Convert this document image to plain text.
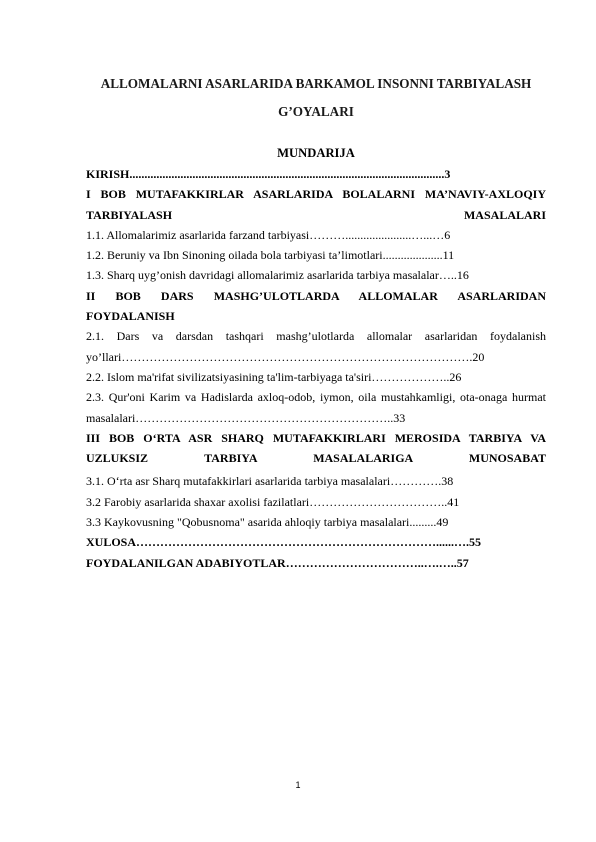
ALLOMALARNI ASARLARIDA BARKAMOL INSONNI TARBIYALASH G’OYALARI
MUNDARIJA
KIRISH.........................................................................................................3
I BOB MUTAFAKKIRLAR ASARLARIDA BOLALARNI MA’NAVIY-AXLOQIY TARBIYALASH MASALALARI
1.1. Allomalarimiz asarlarida farzand tarbiyasi………......................…...…6
1.2. Beruniy va Ibn Sinoning oilada bola tarbiyasi ta’limotlari....................11
1.3. Sharq uyg’onish davridagi allomalarimiz asarlarida tarbiya masalalar…..16
II BOB DARS MASHG’ULOTLARDA ALLOMALAR ASARLARIDAN FOYDALANISH
2.1. Dars va darsdan tashqari mashg’ulotlarda allomalar asarlaridan foydalanish yo’llari…………………………………………………………………………….20
2.2. Islom ma'rifat sivilizatsiyasining ta'lim-tarbiyaga ta'siri………………..26
2.3. Qur'oni Karim va Hadislarda axloq-odob, iymon, oila mustahkamligi, ota-onaga hurmat masalalari………………………………………………………..33
III BOB O‘RTA ASR SHARQ MUTAFAKKIRLARI MEROSIDA TARBIYA VA UZLUKSIZ TARBIYA MASALALARIGA MUNOSABAT
3.1. O‘rta asr Sharq mutafakkirlari asarlarida tarbiya masalalari………….38
3.2 Farobiy asarlarida shaxar axolisi fazilatlari……………………………..41
3.3 Kaykovusning "Qobusnoma" asarida ahloqiy tarbiya masalalari.........49
XULOSA…………………………………………………………………......….55
FOYDALANILGAN ADABIYOTLAR……………………………..….…..57
1
